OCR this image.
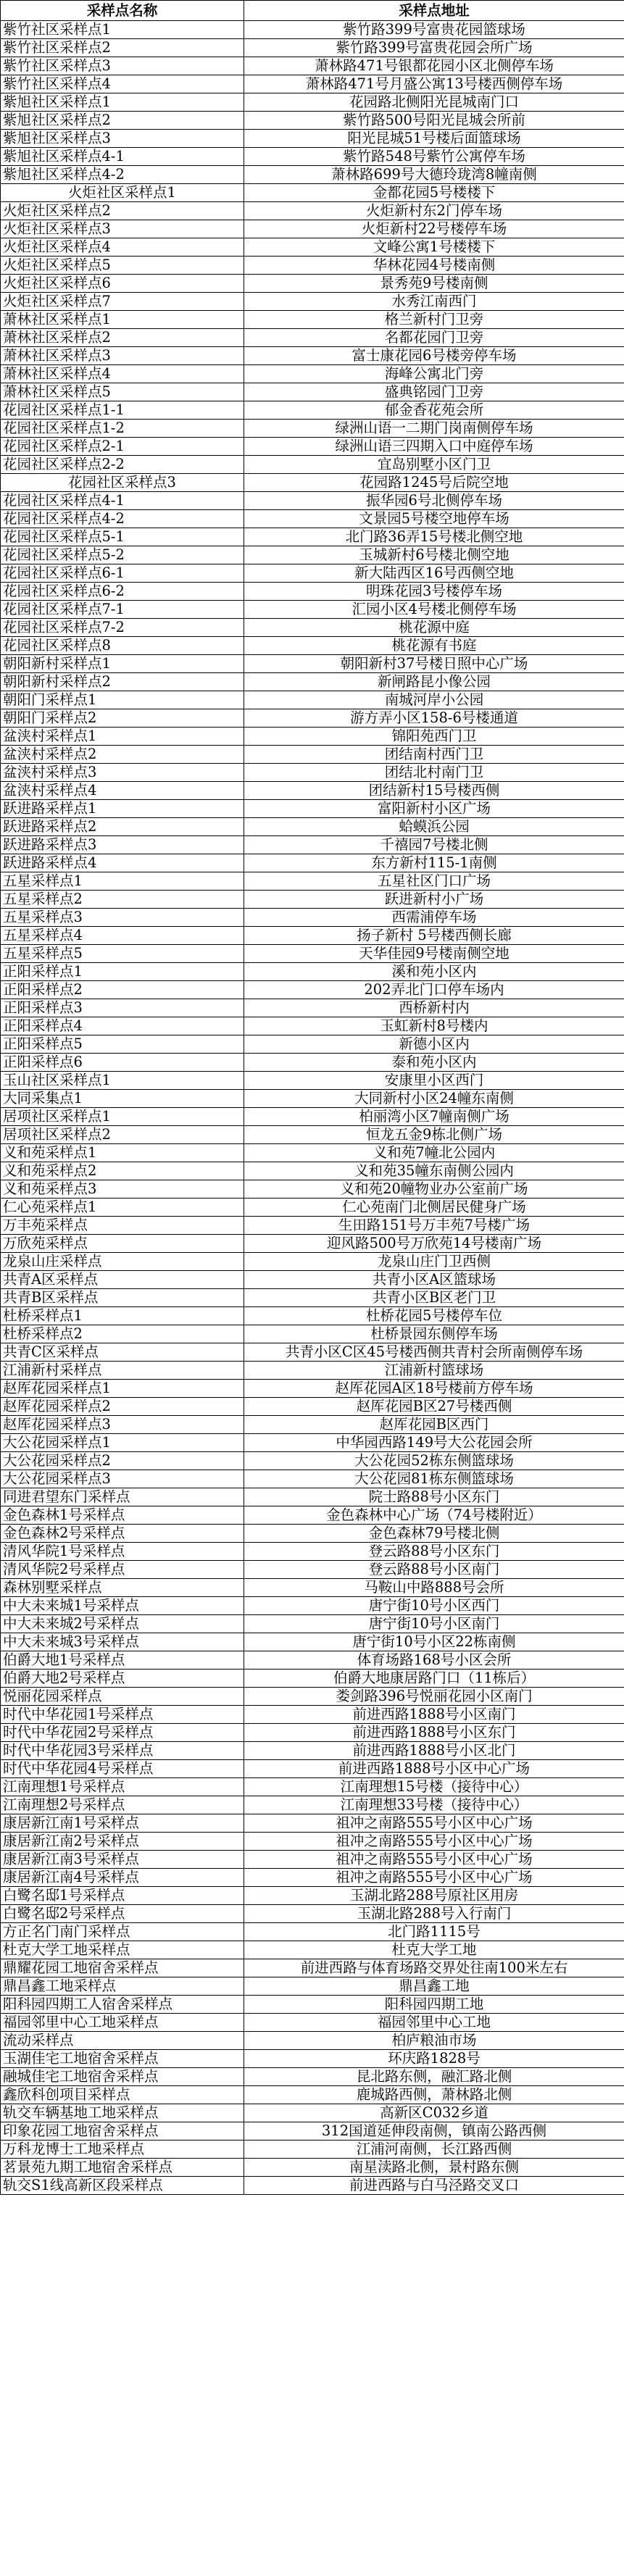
采样点名称	采样点地址
紫竹社区采样点1	紫竹路399号富贵花园篮球场
紫竹社区采样点2	紫竹路399号富贵花园会所广场
紫竹社区采样点3	萧林路471号银都花园小区北侧停车场
紫竹社区采样点4	萧林路471号月盛公寓13号楼西侧停车场
紫旭社区采样点1	花园路北侧阳光昆城南门口
紫旭社区采样点2	紫竹路500号阳光昆城会所前
紫旭社区采样点3	阳光昆城51号楼后面篮球场
紫旭社区采样点4-1	紫竹路548号紫竹公寓停车场
紫旭社区采样点4-2	萧林路699号大德玲珑湾8幢南侧
火炬社区采样点1	金都花园5号楼楼下
火炬社区采样点2	火炬新村东2门停车场
火炬社区采样点3	火炬新村22号楼停车场
火炬社区采样点4	文峰公寓1号楼楼下
火炬社区采样点5	华林花园4号楼南侧
火炬社区采样点6	景秀苑9号楼南侧
火炬社区采样点7	水秀江南西门
萧林社区采样点1	格兰新村门卫旁
萧林社区采样点2	名都花园门卫旁
萧林社区采样点3	富士康花园6号楼旁停车场
萧林社区采样点4	海峰公寓北门旁
萧林社区采样点5	盛典铭园门卫旁
花园社区采样点1-1	郁金香花苑会所
花园社区采样点1-2	绿洲山语一二期门岗南侧停车场
花园社区采样点2-1	绿洲山语三四期入口中庭停车场
花园社区采样点2-2	宜岛别墅小区门卫
花园社区采样点3	花园路1245号后院空地
花园社区采样点4-1	振华园6号北侧停车场
花园社区采样点4-2	文景园5号楼空地停车场
花园社区采样点5-1	北门路36弄15号楼北侧空地
花园社区采样点5-2	玉城新村6号楼北侧空地
花园社区采样点6-1	新大陆西区16号西侧空地
花园社区采样点6-2	明珠花园3号楼停车场
花园社区采样点7-1	汇园小区4号楼北侧停车场
花园社区采样点7-2	桃花源中庭
花园社区采样点8	桃花源有书庭
朝阳新村采样点1	朝阳新村37号楼日照中心广场
朝阳新村采样点2	新闸路昆小像公园
朝阳门采样点1	南城河岸小公园
朝阳门采样点2	游方弄小区158-6号楼通道
盆浃村采样点1	锦阳苑西门卫
盆浃村采样点2	团结南村西门卫
盆浃村采样点3	团结北村南门卫
盆浃村采样点4	团结新村15号楼西侧
跃进路采样点1	富阳新村小区广场
跃进路采样点2	蛤蟆浜公园
跃进路采样点3	千禧园7号楼北侧
跃进路采样点4	东方新村115-1南侧
五星采样点1	五星社区门口广场
五星采样点2	跃进新村小广场
五星采样点3	西需浦停车场
五星采样点4	扬子新村 5号楼西侧长廊
五星采样点5	天华佳园9号楼南侧空地
正阳采样点1	溪和苑小区内
正阳采样点2	202弄北门口停车场内
正阳采样点3	西桥新村内
正阳采样点4	玉虹新村8号楼内
正阳采样点5	新德小区内
正阳采样点6	泰和苑小区内
玉山社区采样点1	安康里小区西门
大同采集点1	大同新村小区24幢东南侧
居项社区采样点1	柏丽湾小区7幢南侧广场
居项社区采样点2	恒龙五金9栋北侧广场
义和苑采样点1	义和苑7幢北公园内
义和苑采样点2	义和苑35幢东南侧公园内
义和苑采样点3	义和苑20幢物业办公室前广场
仁心苑采样点1	仁心苑南门北侧居民健身广场
万丰苑采样点	生田路151号万丰苑7号楼广场
万欣苑采样点	迎风路500号万欣苑14号楼南广场
龙泉山庄采样点	龙泉山庄门卫西侧
共青A区采样点	共青小区A区篮球场
共青B区采样点	共青小区B区老门卫
杜桥采样点1	杜桥花园5号楼停车位
杜桥采样点2	杜桥景园东侧停车场
共青C区采样点	共青小区C区45号楼西侧共青村会所南侧停车场
江浦新村采样点	江浦新村篮球场
赵厍花园采样点1	赵厍花园A区18号楼前方停车场
赵厍花园采样点2	赵厍花园B区27号楼西侧
赵厍花园采样点3	赵厍花园B区西门
大公花园采样点1	中华园西路149号大公花园会所
大公花园采样点2	大公花园52栋东侧篮球场
大公花园采样点3	大公花园81栋东侧篮球场
同进君望东门采样点	院士路88号小区东门
金色森林1号采样点	金色森林中心广场（74号楼附近）
金色森林2号采样点	金色森林79号楼北侧
清风华院1号采样点	登云路88号小区东门
清风华院2号采样点	登云路88号小区南门
森林别墅采样点	马鞍山中路888号会所
中大未来城1号采样点	唐宁街10号小区西门
中大未来城2号采样点	唐宁街10号小区南门
中大未来城3号采样点	唐宁街10号小区22栋南侧
伯爵大地1号采样点	体育场路168号小区会所
伯爵大地2号采样点	伯爵大地康居路门口（11栋后）
悦丽花园采样点	娄剑路396号悦丽花园小区南门
时代中华花园1号采样点	前进西路1888号小区南门
时代中华花园2号采样点	前进西路1888号小区东门
时代中华花园3号采样点	前进西路1888号小区北门
时代中华花园4号采样点	前进西路1888号小区中心广场
江南理想1号采样点	江南理想15号楼（接待中心）
江南理想2号采样点	江南理想33号楼（接待中心）
康居新江南1号采样点	祖冲之南路555号小区中心广场
康居新江南2号采样点	祖冲之南路555号小区中心广场
康居新江南3号采样点	祖冲之南路555号小区中心广场
康居新江南4号采样点	祖冲之南路555号小区中心广场
白鹭名邸1号采样点	玉湖北路288号原社区用房
白鹭名邸2号采样点	玉湖北路288号入行南门
方正名门南门采样点	北门路1115号
杜克大学工地采样点	杜克大学工地
鼎耀花园工地宿舍采样点	前进西路与体育场路交界处往南100米左右
鼎昌鑫工地采样点	鼎昌鑫工地
阳科园四期工人宿舍采样点	阳科园四期工地
福园邻里中心工地采样点	福园邻里中心工地
流动采样点	柏庐粮油市场
玉湖佳宅工地宿舍采样点	环庆路1828号
融城佳宅工地宿舍采样点	昆北路东侧，融汇路北侧
鑫欣科创项目采样点	鹿城路西侧，萧林路北侧
轨交车辆基地工地采样点	高新区C032乡道
印象花园工地宿舍采样点	312国道延伸段南侧，镇南公路西侧
万科龙博士工地采样点	江浦河南侧，长江路西侧
茗景苑九期工地宿舍采样点	南星渎路北侧，景村路东侧
轨交S1线高新区段采样点	前进西路与白马泾路交叉口
